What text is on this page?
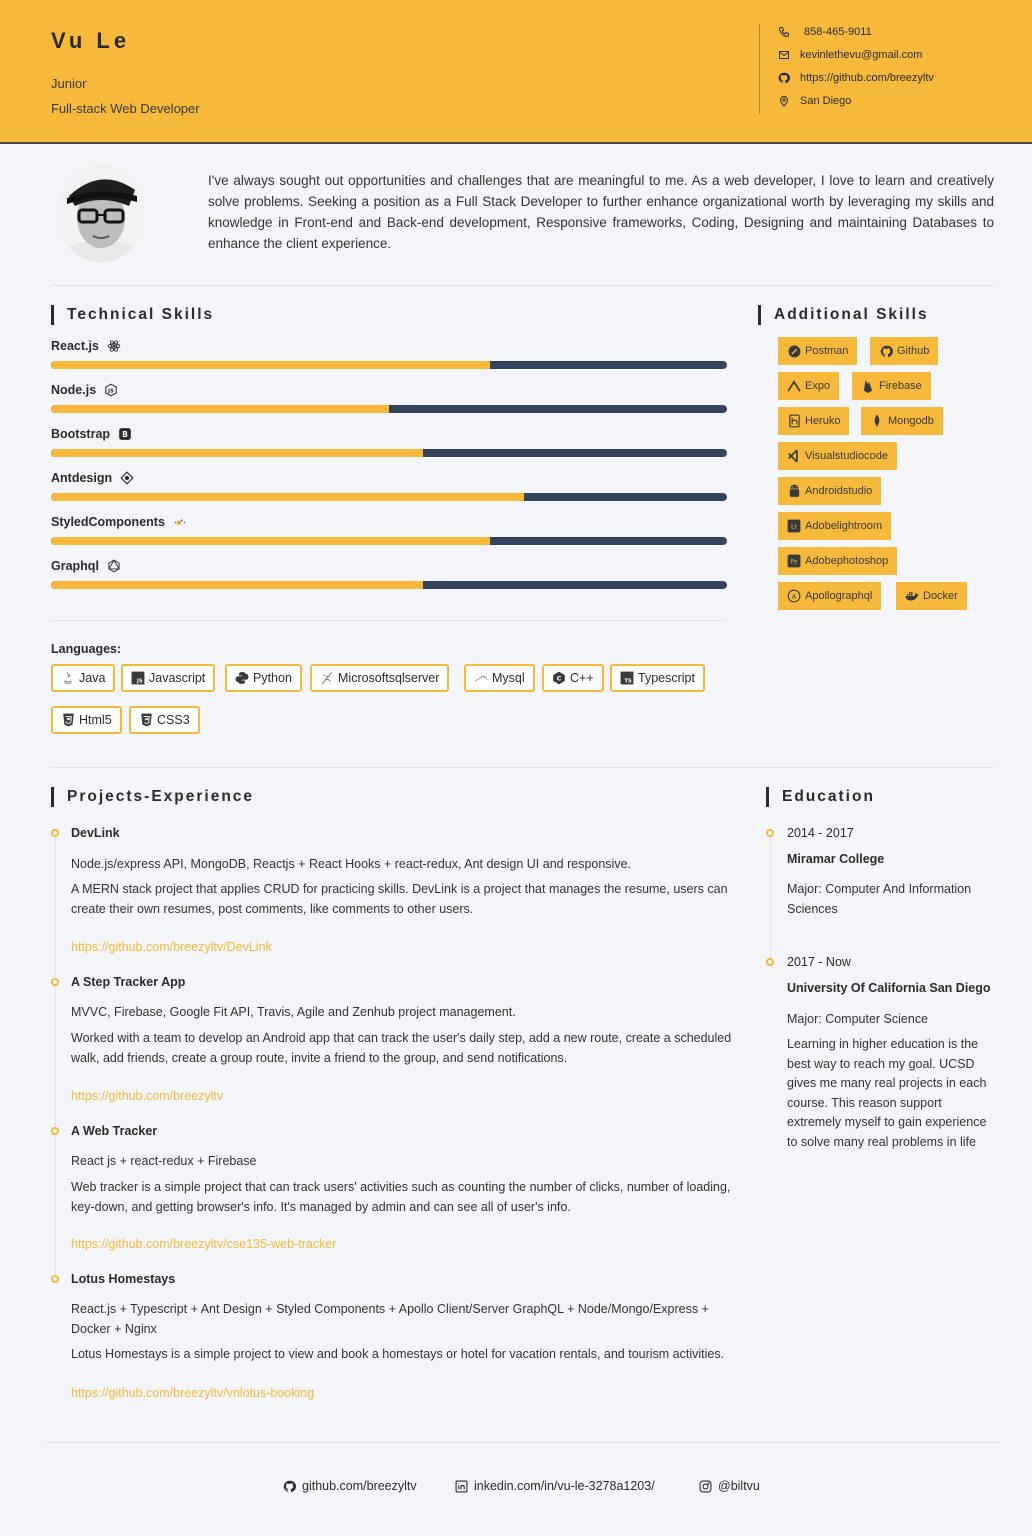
Vu Le
Junior
Full-stack Web Developer
858-465-9011
kevinlethevu@gmail.com
https://github.com/breezyltv
San Diego
I've always sought out opportunities and challenges that are meaningful to me. As a web developer, I love to learn and creatively solve problems. Seeking a position as a Full Stack Developer to further enhance organizational worth by leveraging my skills and knowledge in Front-end and Back-end development, Responsive frameworks, Coding, Designing and maintaining Databases to enhance the client experience.
Technical Skills
React.js
Node.js JS
Bootstrap B
Antdesign
StyledComponents ‹💅›
Graphql
Additional Skills
Postman	Github
Expo	Firebase
Heruko	Mongodb
Visualstudiocode
Androidstudio
Lr Adobelightroom
Ps Adobephotoshop
A Apollographql	Docker
Languages:
Java	JS Javascript	Python	Microsoftsqlserver	Mysql	C C++	TS Typescript
Html5	CSS3
Projects-Experience
DevLink
Node.js/express API, MongoDB, Reactjs + React Hooks + react-redux, Ant design UI and responsive.
A MERN stack project that applies CRUD for practicing skills. DevLink is a project that manages the resume, users can create their own resumes, post comments, like comments to other users.
https://github.com/breezyltv/DevLink
A Step Tracker App
MVVC, Firebase, Google Fit API, Travis, Agile and Zenhub project management.
Worked with a team to develop an Android app that can track the user's daily step, add a new route, create a scheduled walk, add friends, create a group route, invite a friend to the group, and send notifications.
https://github.com/breezyltv
A Web Tracker
React js + react-redux + Firebase
Web tracker is a simple project that can track users' activities such as counting the number of clicks, number of loading, key-down, and getting browser's info. It's managed by admin and can see all of user's info.
https://github.com/breezyltv/cse135-web-tracker
Lotus Homestays
React.js + Typescript + Ant Design + Styled Components + Apollo Client/Server GraphQL + Node/Mongo/Express + Docker + Nginx
Lotus Homestays is a simple project to view and book a homestays or hotel for vacation rentals, and tourism activities.
https://github.com/breezyltv/vnlotus-booking
Education
2014 - 2017
Miramar College
Major: Computer And Information Sciences
2017 - Now
University Of California San Diego
Major: Computer Science
Learning in higher education is the best way to reach my goal. UCSD gives me many real projects in each course. This reason support extremely myself to gain experience to solve many real problems in life
github.com/breezyltv	inkedin.com/in/vu-le-3278a1203/	@biltvu
